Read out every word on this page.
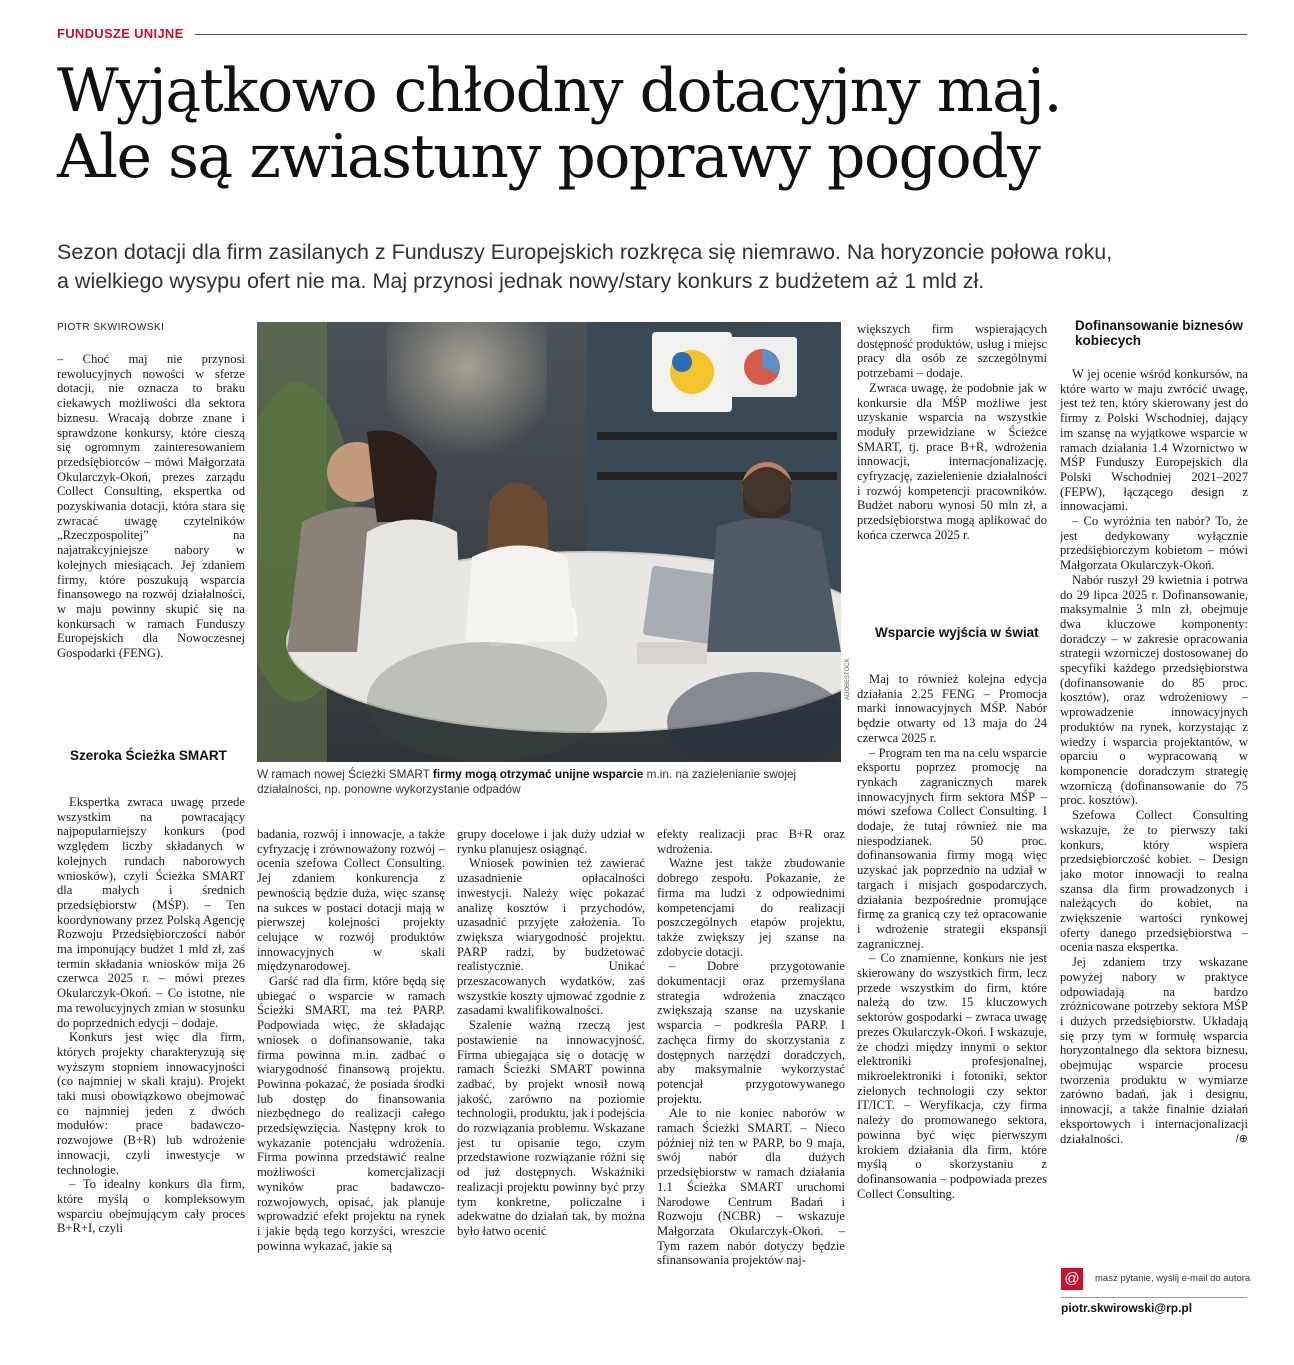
FUNDUSZE UNIJNE
Wyjątkowo chłodny dotacyjny maj.
Ale są zwiastuny poprawy pogody
Sezon dotacji dla firm zasilanych z Funduszy Europejskich rozkręca się niemrawo. Na horyzoncie połowa roku,
a wielkiego wysypu ofert nie ma. Maj przynosi jednak nowy/stary konkurs z budżetem aż 1 mld zł.
PIOTR SKWIROWSKI

– Choć maj nie przynosi rewolucyjnych nowości w sferze dotacji, nie oznacza to braku ciekawych możliwości dla sektora biznesu. Wracają dobrze znane i sprawdzone konkursy, które cieszą się ogromnym zainteresowaniem przedsiębiorców – mówi Małgorzata Okularczyk-Okoń, prezes zarządu Collect Consulting, ekspertka od pozyskiwania dotacji, która stara się zwracać uwagę czytelników „Rzeczpospolitej” na najatrakcyjniejsze nabory w kolejnych miesiącach. Jej zdaniem firmy, które poszukują wsparcia finansowego na rozwój działalności, w maju powinny skupić się na konkursach w ramach Funduszy Europejskich dla Nowoczesnej Gospodarki (FENG).

Szeroka Ścieżka SMART

Ekspertka zwraca uwagę przede wszystkim na powracający najpopularniejszy konkurs (pod względem liczby składanych w kolejnych rundach naborowych wniosków), czyli Ścieżka SMART dla małych i średnich przedsiębiorstw (MŚP). – Ten koordynowany przez Polską Agencję Rozwoju Przedsiębiorczości nabór ma imponujący budżet 1 mld zł, zaś termin składania wniosków mija 26 czerwca 2025 r. – mówi prezes Okularczyk-Okoń. – Co istotne, nie ma rewolucyjnych zmian w stosunku do poprzednich edycji – dodaje.

Konkurs jest więc dla firm, których projekty charakteryzują się wyższym stopniem innowacyjności (co najmniej w skali kraju). Projekt taki musi obowiązkowo obejmować co najmniej jeden z dwóch modułów: prace badawczo-rozwojowe (B+R) lub wdrożenie innowacji, czyli inwestycje w technologie.

– To idealny konkurs dla firm, które myślą o kompleksowym wsparciu obejmującym cały proces B+R+I, czyli

ADOBESTOCK
W ramach nowej Ścieżki SMART firmy mogą otrzymać unijne wsparcie m.in. na zazielenianie swojej działalności, np. ponowne wykorzystanie odpadów

badania, rozwój i innowacje, a także cyfryzację i zrównoważony rozwój – ocenia szefowa Collect Consulting. Jej zdaniem konkurencja z pewnością będzie duża, więc szansę na sukces w postaci dotacji mają w pierwszej kolejności projekty celujące w rozwój produktów innowacyjnych w skali międzynarodowej.

Garść rad dla firm, które będą się ubiegać o wsparcie w ramach Ścieżki SMART, ma też PARP. Podpowiada więc, że składając wniosek o dofinansowanie, taka firma powinna m.in. zadbać o wiarygodność finansową projektu. Powinna pokazać, że posiada środki lub dostęp do finansowania niezbędnego do realizacji całego przedsięwzięcia. Następny krok to wykazanie potencjału wdrożenia. Firma powinna przedstawić realne możliwości komercjalizacji wyników prac badawczo-rozwojowych, opisać, jak planuje wprowadzić efekt projektu na rynek i jakie będą tego korzyści, wreszcie powinna wykazać, jakie są

grupy docelowe i jak duży udział w rynku planujesz osiągnąć.

Wniosek powinien też zawierać uzasadnienie opłacalności inwestycji. Należy więc pokazać analizę kosztów i przychodów, uzasadnić przyjęte założenia. To zwiększa wiarygodność projektu. PARP radzi, by budżetować realistycznie. Unikać przeszacowanych wydatków, zaś wszystkie koszty ujmować zgodnie z zasadami kwalifikowalności.

Szalenie ważną rzeczą jest postawienie na innowacyjność. Firma ubiegająca się o dotację w ramach Ścieżki SMART powinna zadbać, by projekt wnosił nową jakość, zarówno na poziomie technologii, produktu, jak i podejścia do rozwiązania problemu. Wskazane jest tu opisanie tego, czym przedstawione rozwiązanie różni się od już dostępnych. Wskaźniki realizacji projektu powinny być przy tym konkretne, policzalne i adekwatne do działań tak, by można było łatwo ocenić

efekty realizacji prac B+R oraz wdrożenia.

Ważne jest także zbudowanie dobrego zespołu. Pokazanie, że firma ma ludzi z odpowiednimi kompetencjami do realizacji poszczególnych etapów projektu, także zwiększy jej szanse na zdobycie dotacji.

– Dobre przygotowanie dokumentacji oraz przemyślana strategia wdrożenia znacząco zwiększają szanse na uzyskanie wsparcia – podkreśla PARP. I zachęca firmy do skorzystania z dostępnych narzędzi doradczych, aby maksymalnie wykorzystać potencjał przygotowywanego projektu.

Ale to nie koniec naborów w ramach Ścieżki SMART. – Nieco później niż ten w PARP, bo 9 maja, swój nabór dla dużych przedsiębiorstw w ramach działania 1.1 Ścieżka SMART uruchomi Narodowe Centrum Badań i Rozwoju (NCBR) – wskazuje Małgorzata Okularczyk-Okoń. – Tym razem nabór dotyczy będzie sfinansowania projektów naj-

większych firm wspierających dostępność produktów, usług i miejsc pracy dla osób ze szczególnymi potrzebami – dodaje.

Zwraca uwagę, że podobnie jak w konkursie dla MŚP możliwe jest uzyskanie wsparcia na wszystkie moduły przewidziane w Ścieżce SMART, tj. prace B+R, wdrożenia innowacji, internacjonalizację, cyfryzację, zazielenienie działalności i rozwój kompetencji pracowników. Budżet naboru wynosi 50 mln zł, a przedsiębiorstwa mogą aplikować do końca czerwca 2025 r.

Wsparcie wyjścia w świat

Maj to również kolejna edycja działania 2.25 FENG – Promocja marki innowacyjnych MŚP. Nabór będzie otwarty od 13 maja do 24 czerwca 2025 r.

– Program ten ma na celu wsparcie eksportu poprzez promocję na rynkach zagranicznych marek innowacyjnych firm sektora MŚP – mówi szefowa Collect Consulting. I dodaje, że tutaj również nie ma niespodzianek. 50 proc. dofinansowania firmy mogą więc uzyskać jak poprzednio na udział w targach i misjach gospodarczych, działania bezpośrednie promujące firmę za granicą czy też opracowanie i wdrożenie strategii ekspansji zagranicznej.

– Co znamienne, konkurs nie jest skierowany do wszystkich firm, lecz przede wszystkim do firm, które należą do tzw. 15 kluczowych sektorów gospodarki – zwraca uwagę prezes Okularczyk-Okoń. I wskazuje, że chodzi między innymi o sektor elektroniki profesjonalnej, mikroelektroniki i fotoniki, sektor zielonych technologii czy sektor IT/ICT. – Weryfikacja, czy firma należy do promowanego sektora, powinna być więc pierwszym krokiem działania dla firm, które myślą o skorzystaniu z dofinansowania – podpowiada prezes Collect Consulting.

Dofinansowanie biznesów kobiecych

W jej ocenie wśród konkursów, na które warto w maju zwrócić uwagę, jest też ten, który skierowany jest do firmy z Polski Wschodniej, dający im szansę na wyjątkowe wsparcie w ramach działania 1.4 Wzornictwo w MŚP Funduszy Europejskich dla Polski Wschodniej 2021–2027 (FEPW), łączącego design z innowacjami.

– Co wyróżnia ten nabór? To, że jest dedykowany wyłącznie przedsiębiorczym kobietom – mówi Małgorzata Okularczyk-Okoń.

Nabór ruszył 29 kwietnia i potrwa do 29 lipca 2025 r. Dofinansowanie, maksymalnie 3 mln zł, obejmuje dwa kluczowe komponenty: doradczy – w zakresie opracowania strategii wzorniczej dostosowanej do specyfiki każdego przedsiębiorstwa (dofinansowanie do 85 proc. kosztów), oraz wdrożeniowy – wprowadzenie innowacyjnych produktów na rynek, korzystając z wiedzy i wsparcia projektantów, w oparciu o wypracowaną w komponencie doradczym strategię wzorniczą (dofinansowanie do 75 proc. kosztów).

Szefowa Collect Consulting wskazuje, że to pierwszy taki konkurs, który wspiera przedsiębiorczość kobiet. – Design jako motor innowacji to realna szansa dla firm prowadzonych i należących do kobiet, na zwiększenie wartości rynkowej oferty danego przedsiębiorstwa – ocenia nasza ekspertka.

Jej zdaniem trzy wskazane powyżej nabory w praktyce odpowiadają na bardzo zróżnicowane potrzeby sektora MŚP i dużych przedsiębiorstw. Układają się przy tym w formułę wsparcia horyzontalnego dla sektora biznesu, obejmując wsparcie procesu tworzenia produktu w wymiarze zarówno badań, jak i designu, innowacji, a także finalnie działań eksportowych i internacjonalizacji działalności.	/⊕

@	masz pytanie, wyślij e-mail do autora
piotr.skwirowski@rp.pl
